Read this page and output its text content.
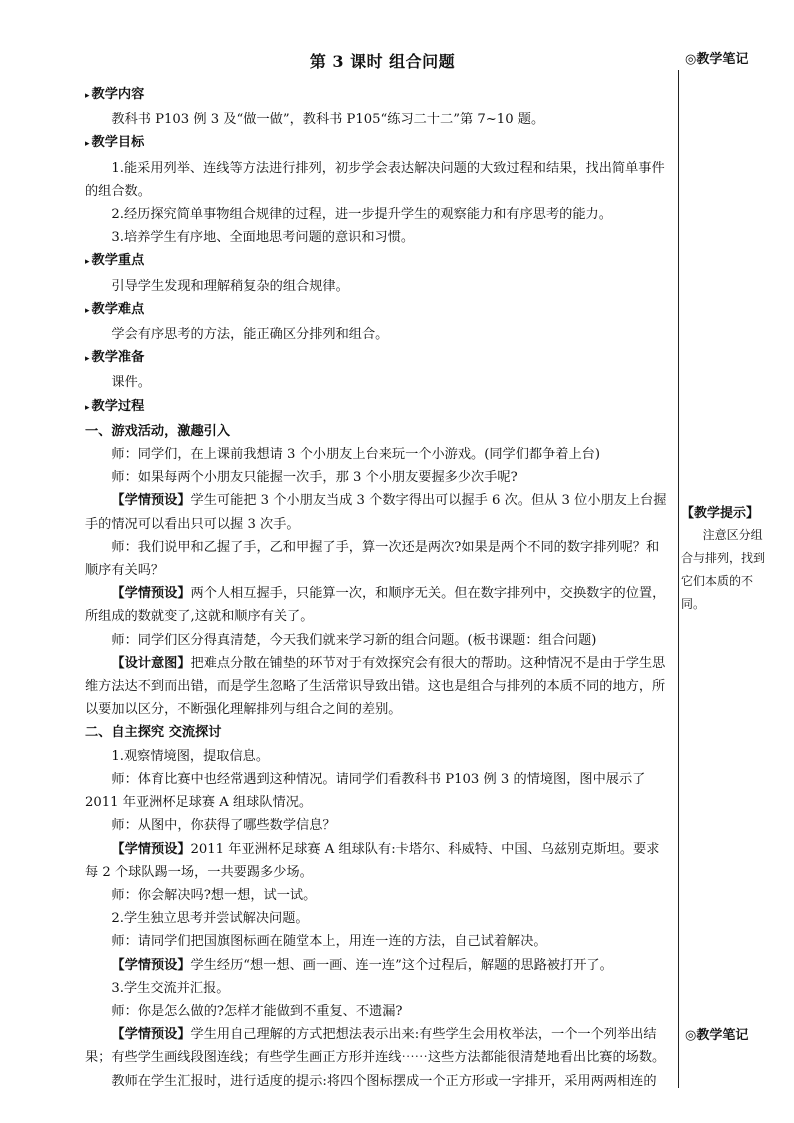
第 3 课时 组合问题	◎教学笔记
【教学提示】
注意区分组合与排列，找到它们本质的不同。
◎教学笔记

▸ 教学内容

教科书 P103 例 3 及“做一做”，教科书 P105“练习二十二”第 7~10 题。

▸ 教学目标

1.能采用列举、连线等方法进行排列，初步学会表达解决问题的大致过程和结果，找出简单事件的组合数。

2.经历探究简单事物组合规律的过程，进一步提升学生的观察能力和有序思考的能力。

3.培养学生有序地、全面地思考问题的意识和习惯。

▸ 教学重点

引导学生发现和理解稍复杂的组合规律。

▸ 教学难点

学会有序思考的方法，能正确区分排列和组合。

▸ 教学准备

课件。

▸ 教学过程

一、游戏活动，激趣引入

师：同学们，在上课前我想请 3 个小朋友上台来玩一个小游戏。(同学们都争着上台)

师：如果每两个小朋友只能握一次手，那 3 个小朋友要握多少次手呢?

【学情预设】学生可能把 3 个小朋友当成 3 个数字得出可以握手 6 次。但从 3 位小朋友上台握手的情况可以看出只可以握 3 次手。

师：我们说甲和乙握了手，乙和甲握了手，算一次还是两次?如果是两个不同的数字排列呢？和顺序有关吗？

【学情预设】两个人相互握手，只能算一次，和顺序无关。但在数字排列中，交换数字的位置，所组成的数就变了,这就和顺序有关了。

师：同学们区分得真清楚，今天我们就来学习新的组合问题。(板书课题：组合问题)

【设计意图】把难点分散在铺垫的环节对于有效探究会有很大的帮助。这种情况不是由于学生思维方法达不到而出错，而是学生忽略了生活常识导致出错。这也是组合与排列的本质不同的地方，所以要加以区分，不断强化理解排列与组合之间的差别。

二、自主探究 交流探讨

1.观察情境图，提取信息。

师：体育比赛中也经常遇到这种情况。请同学们看教科书 P103 例 3 的情境图，图中展示了 2011 年亚洲杯足球赛 A 组球队情况。

师：从图中，你获得了哪些数学信息？

【学情预设】2011 年亚洲杯足球赛 A 组球队有:卡塔尔、科威特、中国、乌兹别克斯坦。要求每 2 个球队踢一场，一共要踢多少场。

师：你会解决吗?想一想，试一试。

2.学生独立思考并尝试解决问题。

师：请同学们把国旗图标画在随堂本上，用连一连的方法，自己试着解决。

【学情预设】学生经历“想一想、画一画、连一连”这个过程后，解题的思路被打开了。

3.学生交流并汇报。

师：你是怎么做的?怎样才能做到不重复、不遗漏?

【学情预设】学生用自己理解的方式把想法表示出来:有些学生会用枚举法，一个一个列举出结果；有些学生画线段图连线；有些学生画正方形并连线⋯⋯这些方法都能很清楚地看出比赛的场数。

教师在学生汇报时，进行适度的提示:将四个图标摆成一个正方形或一字排开，采用两两相连的
